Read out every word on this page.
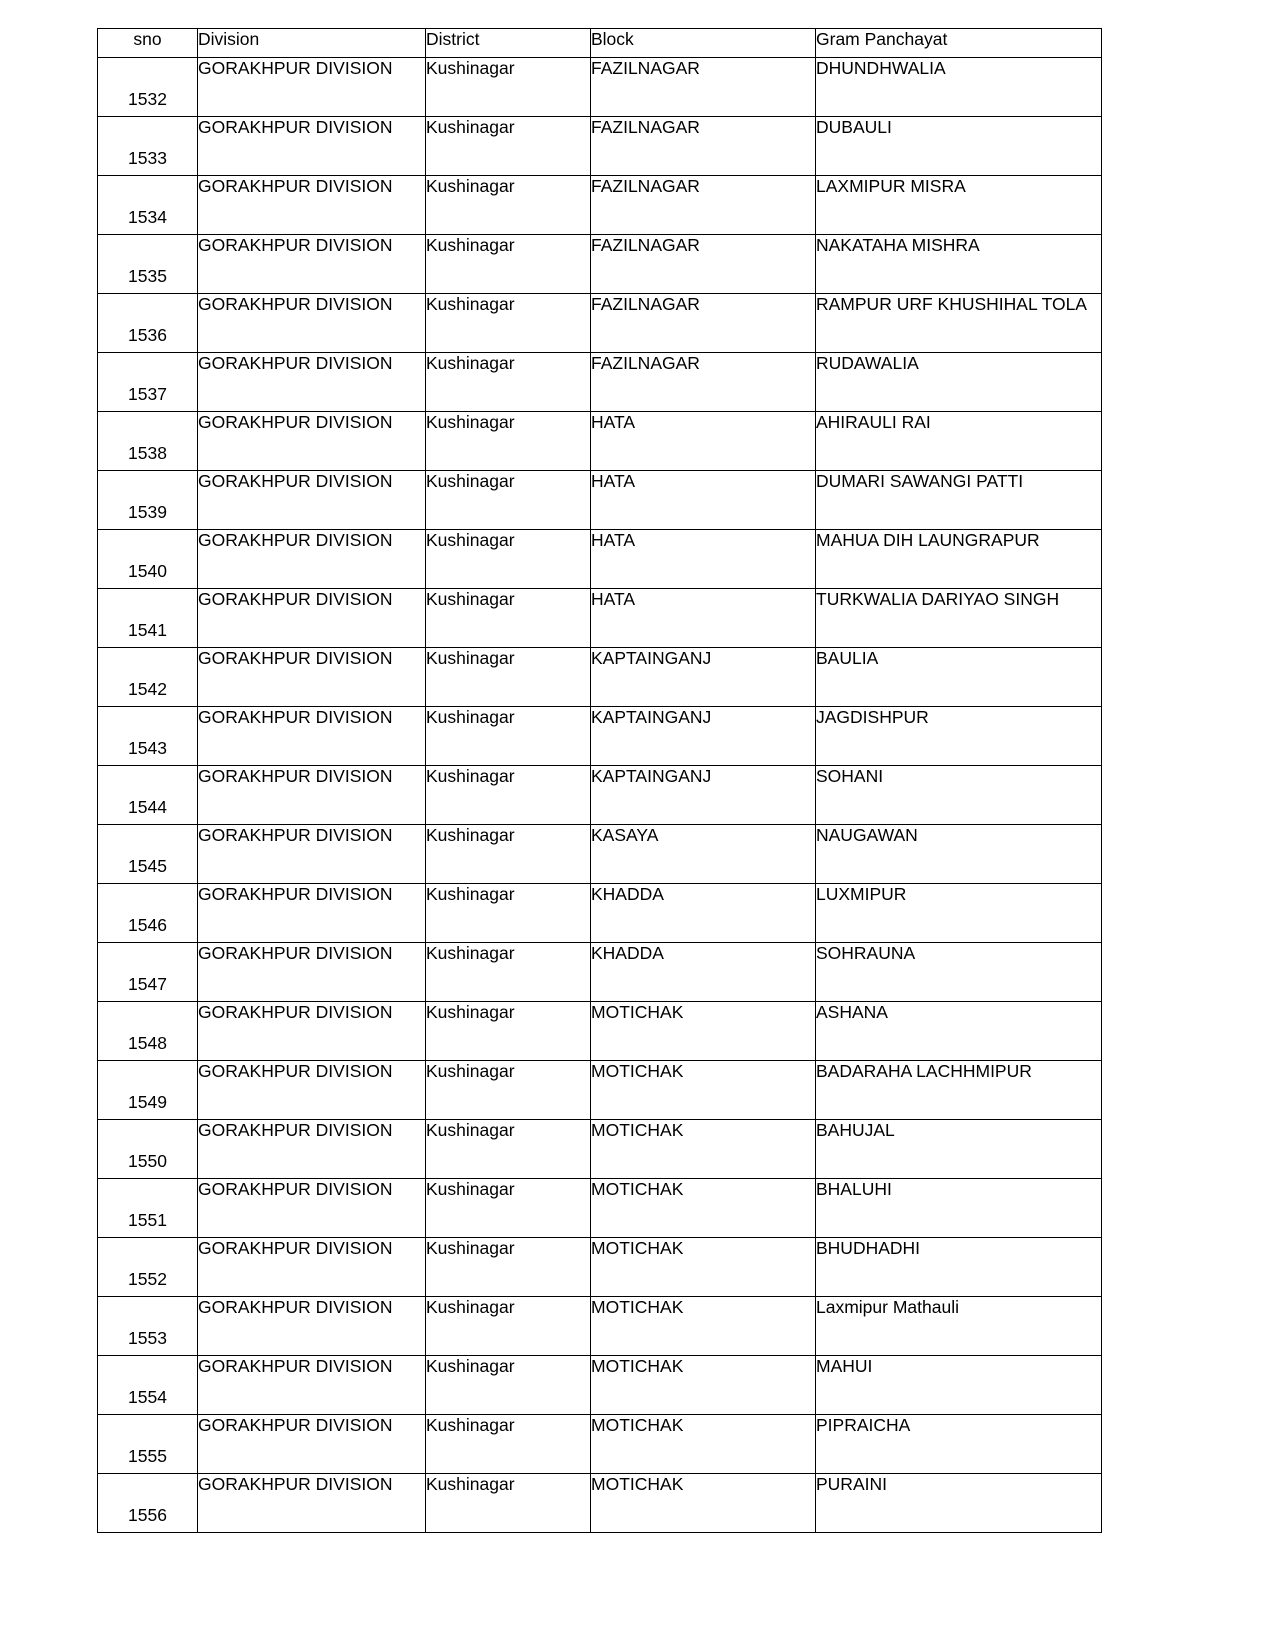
sno	Division	District	Block	Gram Panchayat
1532	GORAKHPUR DIVISION	Kushinagar	FAZILNAGAR	DHUNDHWALIA

1533	GORAKHPUR DIVISION	Kushinagar	FAZILNAGAR	DUBAULI

1534	GORAKHPUR DIVISION	Kushinagar	FAZILNAGAR	LAXMIPUR MISRA

1535	GORAKHPUR DIVISION	Kushinagar	FAZILNAGAR	NAKATAHA MISHRA

1536	GORAKHPUR DIVISION	Kushinagar	FAZILNAGAR	RAMPUR URF KHUSHIHAL TOLA

1537	GORAKHPUR DIVISION	Kushinagar	FAZILNAGAR	RUDAWALIA

1538	GORAKHPUR DIVISION	Kushinagar	HATA	AHIRAULI RAI

1539	GORAKHPUR DIVISION	Kushinagar	HATA	DUMARI SAWANGI PATTI

1540	GORAKHPUR DIVISION	Kushinagar	HATA	MAHUA DIH LAUNGRAPUR

1541	GORAKHPUR DIVISION	Kushinagar	HATA	TURKWALIA DARIYAO SINGH

1542	GORAKHPUR DIVISION	Kushinagar	KAPTAINGANJ	BAULIA

1543	GORAKHPUR DIVISION	Kushinagar	KAPTAINGANJ	JAGDISHPUR

1544	GORAKHPUR DIVISION	Kushinagar	KAPTAINGANJ	SOHANI

1545	GORAKHPUR DIVISION	Kushinagar	KASAYA	NAUGAWAN

1546	GORAKHPUR DIVISION	Kushinagar	KHADDA	LUXMIPUR

1547	GORAKHPUR DIVISION	Kushinagar	KHADDA	SOHRAUNA

1548	GORAKHPUR DIVISION	Kushinagar	MOTICHAK	ASHANA

1549	GORAKHPUR DIVISION	Kushinagar	MOTICHAK	BADARAHA LACHHMIPUR

1550	GORAKHPUR DIVISION	Kushinagar	MOTICHAK	BAHUJAL

1551	GORAKHPUR DIVISION	Kushinagar	MOTICHAK	BHALUHI

1552	GORAKHPUR DIVISION	Kushinagar	MOTICHAK	BHUDHADHI

1553	GORAKHPUR DIVISION	Kushinagar	MOTICHAK	Laxmipur Mathauli

1554	GORAKHPUR DIVISION	Kushinagar	MOTICHAK	MAHUI

1555	GORAKHPUR DIVISION	Kushinagar	MOTICHAK	PIPRAICHA

1556	GORAKHPUR DIVISION	Kushinagar	MOTICHAK	PURAINI
